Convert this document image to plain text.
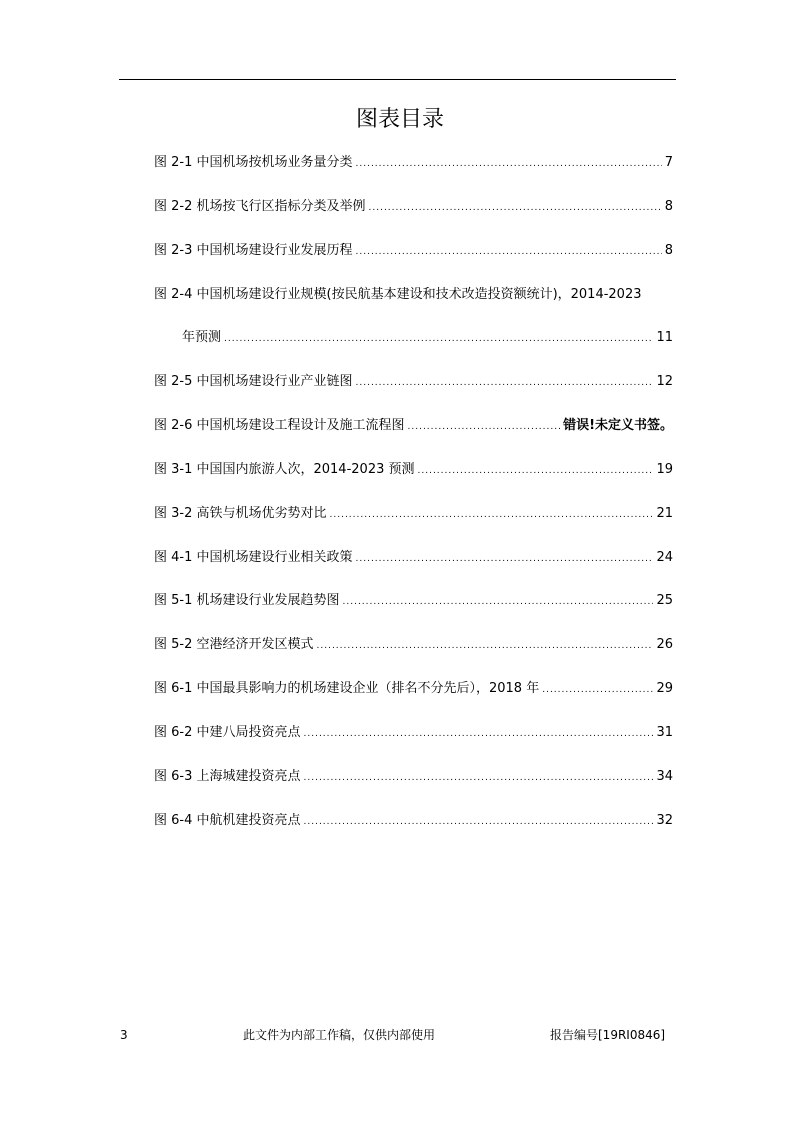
图表目录
图 2-1 中国机场按机场业务量分类 .....	7
图 2-2 机场按飞行区指标分类及举例 .....	8
图 2-3 中国机场建设行业发展历程 .....	8
图 2-4 中国机场建设行业规模(按民航基本建设和技术改造投资额统计)，2014-2023
年预测 .....	11
图 2-5 中国机场建设行业产业链图 .....	12
图 2-6 中国机场建设工程设计及施工流程图 .....	错误!未定义书签。
图 3-1 中国国内旅游人次，2014-2023 预测 .....	19
图 3-2 高铁与机场优劣势对比 .....	21
图 4-1 中国机场建设行业相关政策 .....	24
图 5-1 机场建设行业发展趋势图 .....	25
图 5-2 空港经济开发区模式 .....	26
图 6-1 中国最具影响力的机场建设企业（排名不分先后），2018 年 .....	29
图 6-2 中建八局投资亮点 .....	31
图 6-3 上海城建投资亮点 .....	34
图 6-4 中航机建投资亮点 .....	32
3	此文件为内部工作稿，仅供内部使用	报告编号[19RI0846]
